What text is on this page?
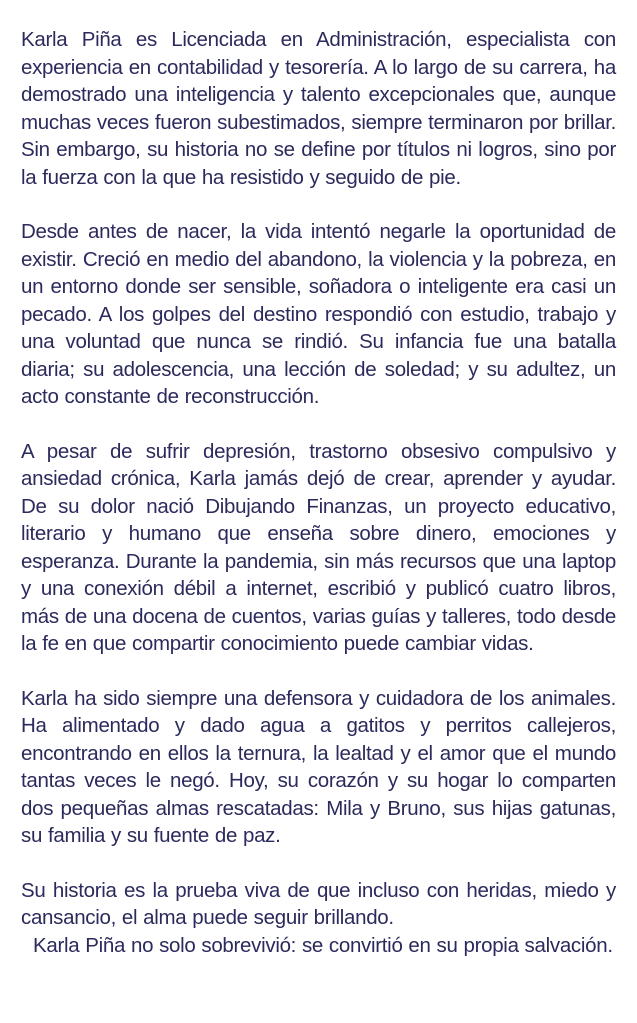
Karla Piña es Licenciada en Administración, especialista con experiencia en contabilidad y tesorería. A lo largo de su carrera, ha demostrado una inteligencia y talento excepcionales que, aunque muchas veces fueron subestimados, siempre terminaron por brillar. Sin embargo, su historia no se define por títulos ni logros, sino por la fuerza con la que ha resistido y seguido de pie.

Desde antes de nacer, la vida intentó negarle la oportunidad de existir. Creció en medio del abandono, la violencia y la pobreza, en un entorno donde ser sensible, soñadora o inteligente era casi un pecado. A los golpes del destino respondió con estudio, trabajo y una voluntad que nunca se rindió. Su infancia fue una batalla diaria; su adolescencia, una lección de soledad; y su adultez, un acto constante de reconstrucción.

A pesar de sufrir depresión, trastorno obsesivo compulsivo y ansiedad crónica, Karla jamás dejó de crear, aprender y ayudar. De su dolor nació Dibujando Finanzas, un proyecto educativo, literario y humano que enseña sobre dinero, emociones y esperanza. Durante la pandemia, sin más recursos que una laptop y una conexión débil a internet, escribió y publicó cuatro libros, más de una docena de cuentos, varias guías y talleres, todo desde la fe en que compartir conocimiento puede cambiar vidas.

Karla ha sido siempre una defensora y cuidadora de los animales. Ha alimentado y dado agua a gatitos y perritos callejeros, encontrando en ellos la ternura, la lealtad y el amor que el mundo tantas veces le negó. Hoy, su corazón y su hogar lo comparten dos pequeñas almas rescatadas: Mila y Bruno, sus hijas gatunas, su familia y su fuente de paz.

Su historia es la prueba viva de que incluso con heridas, miedo y cansancio, el alma puede seguir brillando.

Karla Piña no solo sobrevivió: se convirtió en su propia salvación.
